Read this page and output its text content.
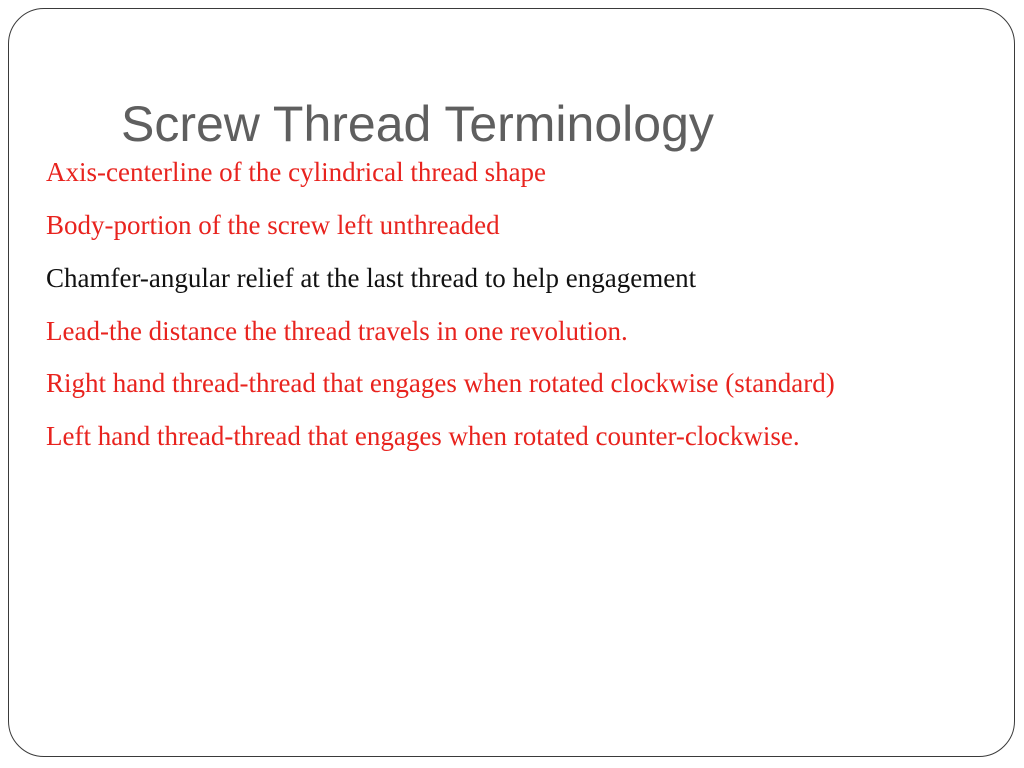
Screw Thread Terminology
Axis-centerline of the cylindrical thread shape
Body-portion of the screw left unthreaded
Chamfer-angular relief at the last thread to help engagement
Lead-the distance the thread travels in one revolution.
Right hand thread-thread that engages when rotated clockwise (standard)
Left hand thread-thread that engages when rotated counter-clockwise.
